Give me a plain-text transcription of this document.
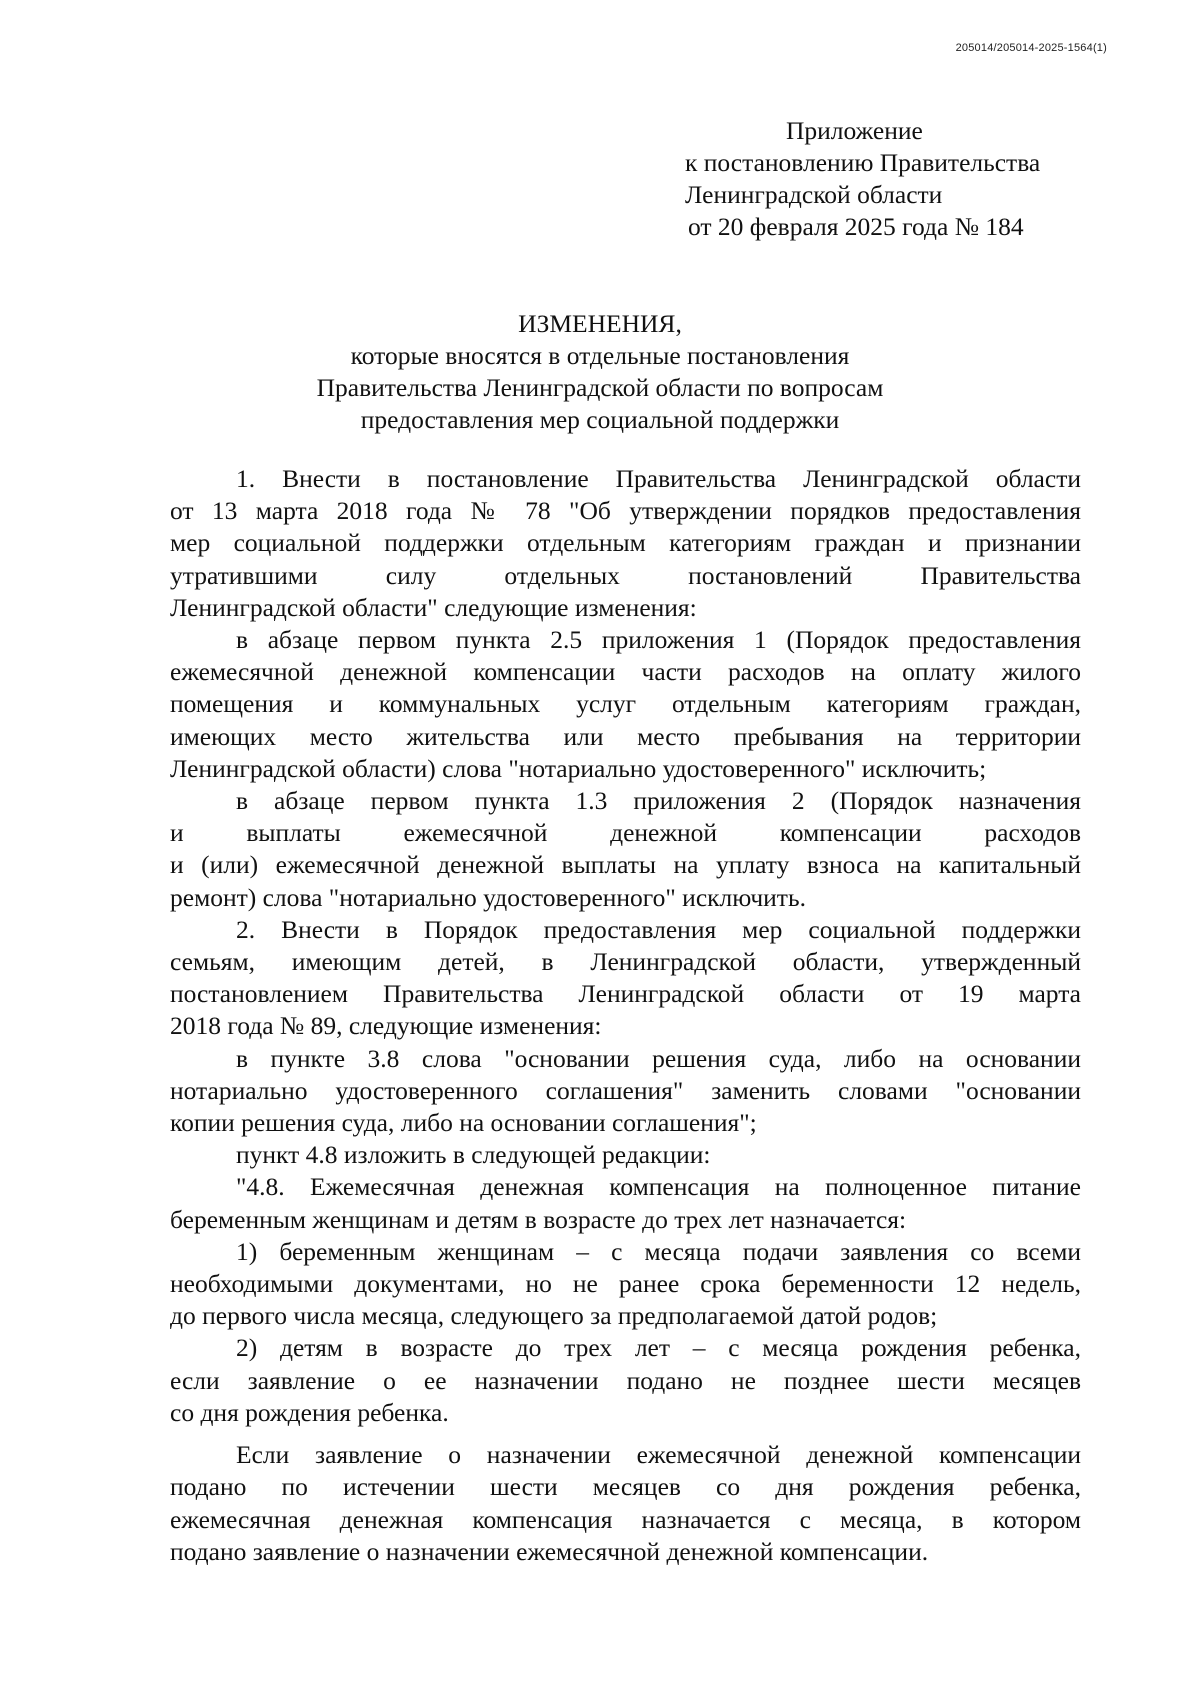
205014/205014-2025-1564(1)
Приложение
к постановлению Правительства
Ленинградской области
от 20 февраля 2025 года № 184
ИЗМЕНЕНИЯ,
которые вносятся в отдельные постановления
Правительства Ленинградской области по вопросам
предоставления мер социальной поддержки
1. Внести в постановление Правительства Ленинградской области
от 13 марта 2018 года № 78 "Об утверждении порядков предоставления
мер социальной поддержки отдельным категориям граждан и признании
утратившими силу отдельных постановлений Правительства
Ленинградской области" следующие изменения:
в абзаце первом пункта 2.5 приложения 1 (Порядок предоставления
ежемесячной денежной компенсации части расходов на оплату жилого
помещения и коммунальных услуг отдельным категориям граждан,
имеющих место жительства или место пребывания на территории
Ленинградской области) слова "нотариально удостоверенного" исключить;
в абзаце первом пункта 1.3 приложения 2 (Порядок назначения
и выплаты ежемесячной денежной компенсации расходов
и (или) ежемесячной денежной выплаты на уплату взноса на капитальный
ремонт) слова "нотариально удостоверенного" исключить.
2. Внести в Порядок предоставления мер социальной поддержки
семьям, имеющим детей, в Ленинградской области, утвержденный
постановлением Правительства Ленинградской области от 19 марта
2018 года № 89, следующие изменения:
в пункте 3.8 слова "основании решения суда, либо на основании
нотариально удостоверенного соглашения" заменить словами "основании
копии решения суда, либо на основании соглашения";
пункт 4.8 изложить в следующей редакции:
"4.8. Ежемесячная денежная компенсация на полноценное питание
беременным женщинам и детям в возрасте до трех лет назначается:
1) беременным женщинам – с месяца подачи заявления со всеми
необходимыми документами, но не ранее срока беременности 12 недель,
до первого числа месяца, следующего за предполагаемой датой родов;
2) детям в возрасте до трех лет – с месяца рождения ребенка,
если заявление о ее назначении подано не позднее шести месяцев
со дня рождения ребенка.
Если заявление о назначении ежемесячной денежной компенсации
подано по истечении шести месяцев со дня рождения ребенка,
ежемесячная денежная компенсация назначается с месяца, в котором
подано заявление о назначении ежемесячной денежной компенсации.
